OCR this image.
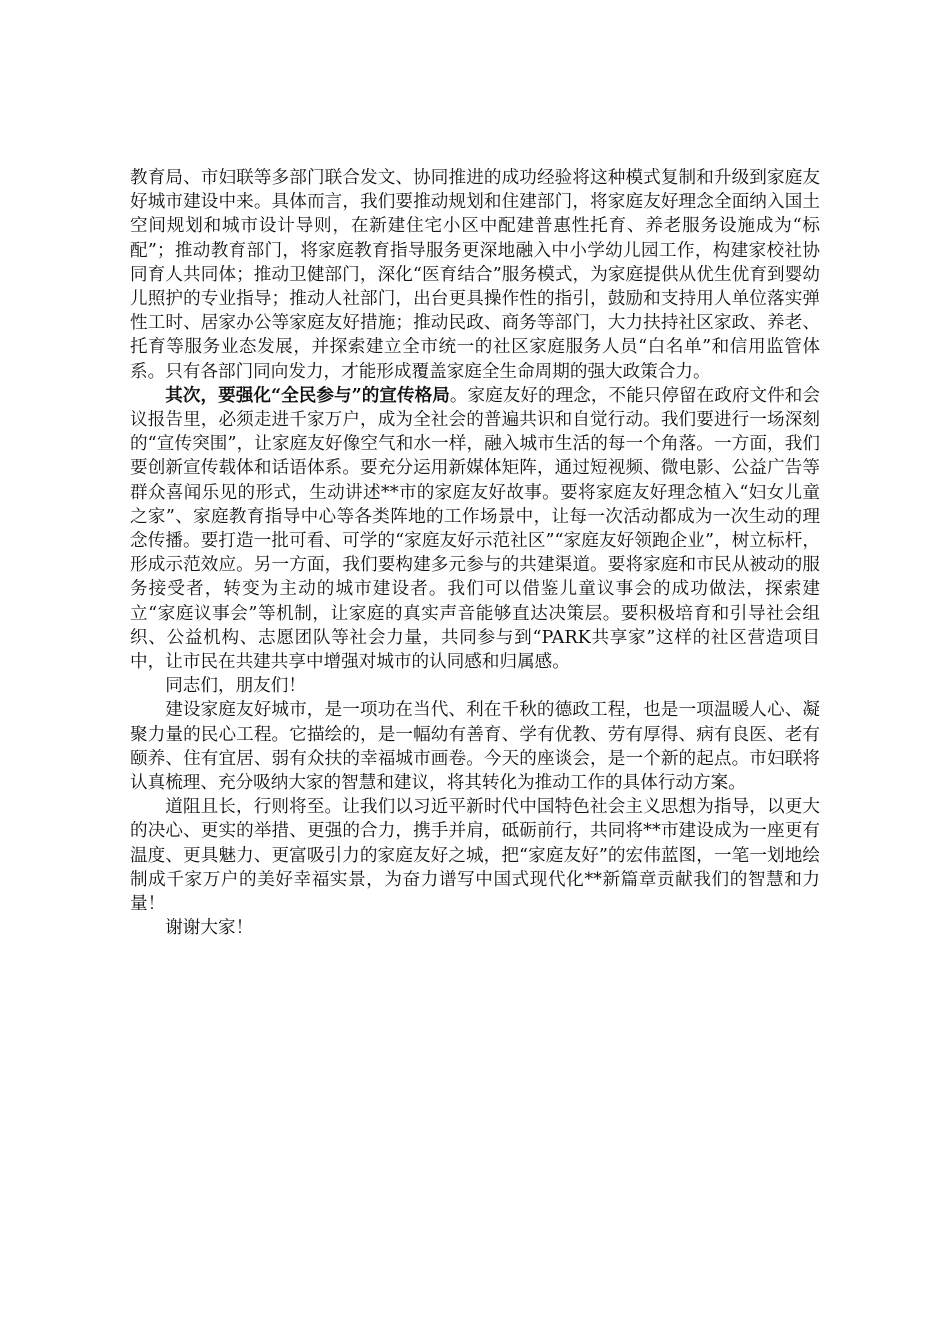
教育局、市妇联等多部门联合发文、协同推进的成功经验将这种模式复制和升级到家庭友好城市建设中来。具体而言，我们要推动规划和住建部门，将家庭友好理念全面纳入国土空间规划和城市设计导则，在新建住宅小区中配建普惠性托育、养老服务设施成为“标配”；推动教育部门，将家庭教育指导服务更深地融入中小学幼儿园工作，构建家校社协同育人共同体；推动卫健部门，深化“医育结合”服务模式，为家庭提供从优生优育到婴幼儿照护的专业指导；推动人社部门，出台更具操作性的指引，鼓励和支持用人单位落实弹性工时、居家办公等家庭友好措施；推动民政、商务等部门，大力扶持社区家政、养老、托育等服务业态发展，并探索建立全市统一的社区家庭服务人员“白名单”和信用监管体系。只有各部门同向发力，才能形成覆盖家庭全生命周期的强大政策合力。

其次，要强化“全民参与”的宣传格局。家庭友好的理念，不能只停留在政府文件和会议报告里，必须走进千家万户，成为全社会的普遍共识和自觉行动。我们要进行一场深刻的“宣传突围”，让家庭友好像空气和水一样，融入城市生活的每一个角落。一方面，我们要创新宣传载体和话语体系。要充分运用新媒体矩阵，通过短视频、微电影、公益广告等群众喜闻乐见的形式，生动讲述**市的家庭友好故事。要将家庭友好理念植入“妇女儿童之家”、家庭教育指导中心等各类阵地的工作场景中，让每一次活动都成为一次生动的理念传播。要打造一批可看、可学的“家庭友好示范社区”“家庭友好领跑企业”，树立标杆，形成示范效应。另一方面，我们要构建多元参与的共建渠道。要将家庭和市民从被动的服务接受者，转变为主动的城市建设者。我们可以借鉴儿童议事会的成功做法，探索建立“家庭议事会”等机制，让家庭的真实声音能够直达决策层。要积极培育和引导社会组织、公益机构、志愿团队等社会力量，共同参与到“PARK共享家”这样的社区营造项目中，让市民在共建共享中增强对城市的认同感和归属感。

同志们，朋友们！

建设家庭友好城市，是一项功在当代、利在千秋的德政工程，也是一项温暖人心、凝聚力量的民心工程。它描绘的，是一幅幼有善育、学有优教、劳有厚得、病有良医、老有颐养、住有宜居、弱有众扶的幸福城市画卷。今天的座谈会，是一个新的起点。市妇联将认真梳理、充分吸纳大家的智慧和建议，将其转化为推动工作的具体行动方案。

道阻且长，行则将至。让我们以习近平新时代中国特色社会主义思想为指导，以更大的决心、更实的举措、更强的合力，携手并肩，砥砺前行，共同将**市建设成为一座更有温度、更具魅力、更富吸引力的家庭友好之城，把“家庭友好”的宏伟蓝图，一笔一划地绘制成千家万户的美好幸福实景，为奋力谱写中国式现代化**新篇章贡献我们的智慧和力量！

谢谢大家！
